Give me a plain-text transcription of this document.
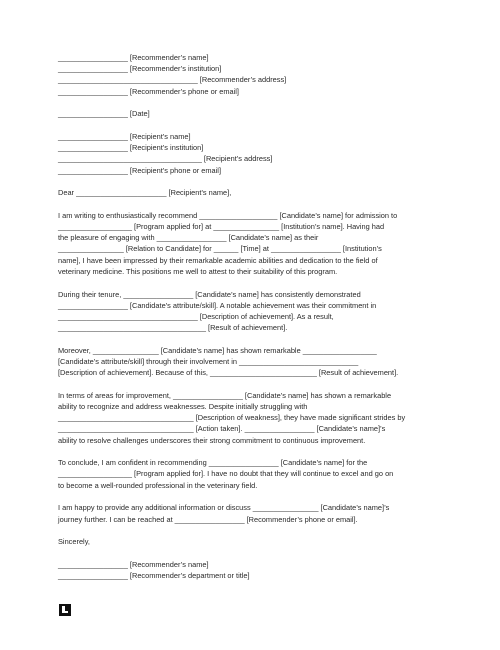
_________________ [Recommender’s name]
_________________ [Recommender’s institution]
__________________________________ [Recommender’s address]
_________________ [Recommender’s phone or email]
_________________ [Date]
_________________ [Recipient’s name]
_________________ [Recipient’s institution]
___________________________________ [Recipient’s address]
_________________ [Recipient’s phone or email]
Dear ______________________ [Recipient’s name],
I am writing to enthusiastically recommend ___________________ [Candidate’s name] for admission to
__________________ [Program applied for] at ________________ [Institution’s name]. Having had
the pleasure of engaging with _________________ [Candidate’s name] as their
________________ [Relation to Candidate] for ______ [Time] at _________________ [Institution’s
name], I have been impressed by their remarkable academic abilities and dedication to the field of
veterinary medicine. This positions me well to attest to their suitability of this program.
During their tenure, _________________ [Candidate’s name] has consistently demonstrated
_________________ [Candidate’s attribute/skill]. A notable achievement was their commitment in
__________________________________ [Description of achievement]. As a result,
____________________________________ [Result of achievement].
Moreover, ________________ [Candidate’s name] has shown remarkable __________________
[Candidate’s attribute/skill] through their involvement in _____________________________
[Description of achievement]. Because of this, __________________________ [Result of achievement].
In terms of areas for improvement, _________________ [Candidate’s name] has shown a remarkable
ability to recognize and address weaknesses. Despite initially struggling with
_________________________________ [Description of weakness], they have made significant strides by
_________________________________ [Action taken]. _________________ [Candidate’s name]’s
ability to resolve challenges underscores their strong commitment to continuous improvement.
To conclude, I am confident in recommending _________________ [Candidate’s name] for the
__________________ [Program applied for]. I have no doubt that they will continue to excel and go on
to become a well-rounded professional in the veterinary field.
I am happy to provide any additional information or discuss ________________ [Candidate’s name]’s
journey further. I can be reached at _________________ [Recommender’s phone or email].
Sincerely,
_________________ [Recommender’s name]
_________________ [Recommender’s department or title]
